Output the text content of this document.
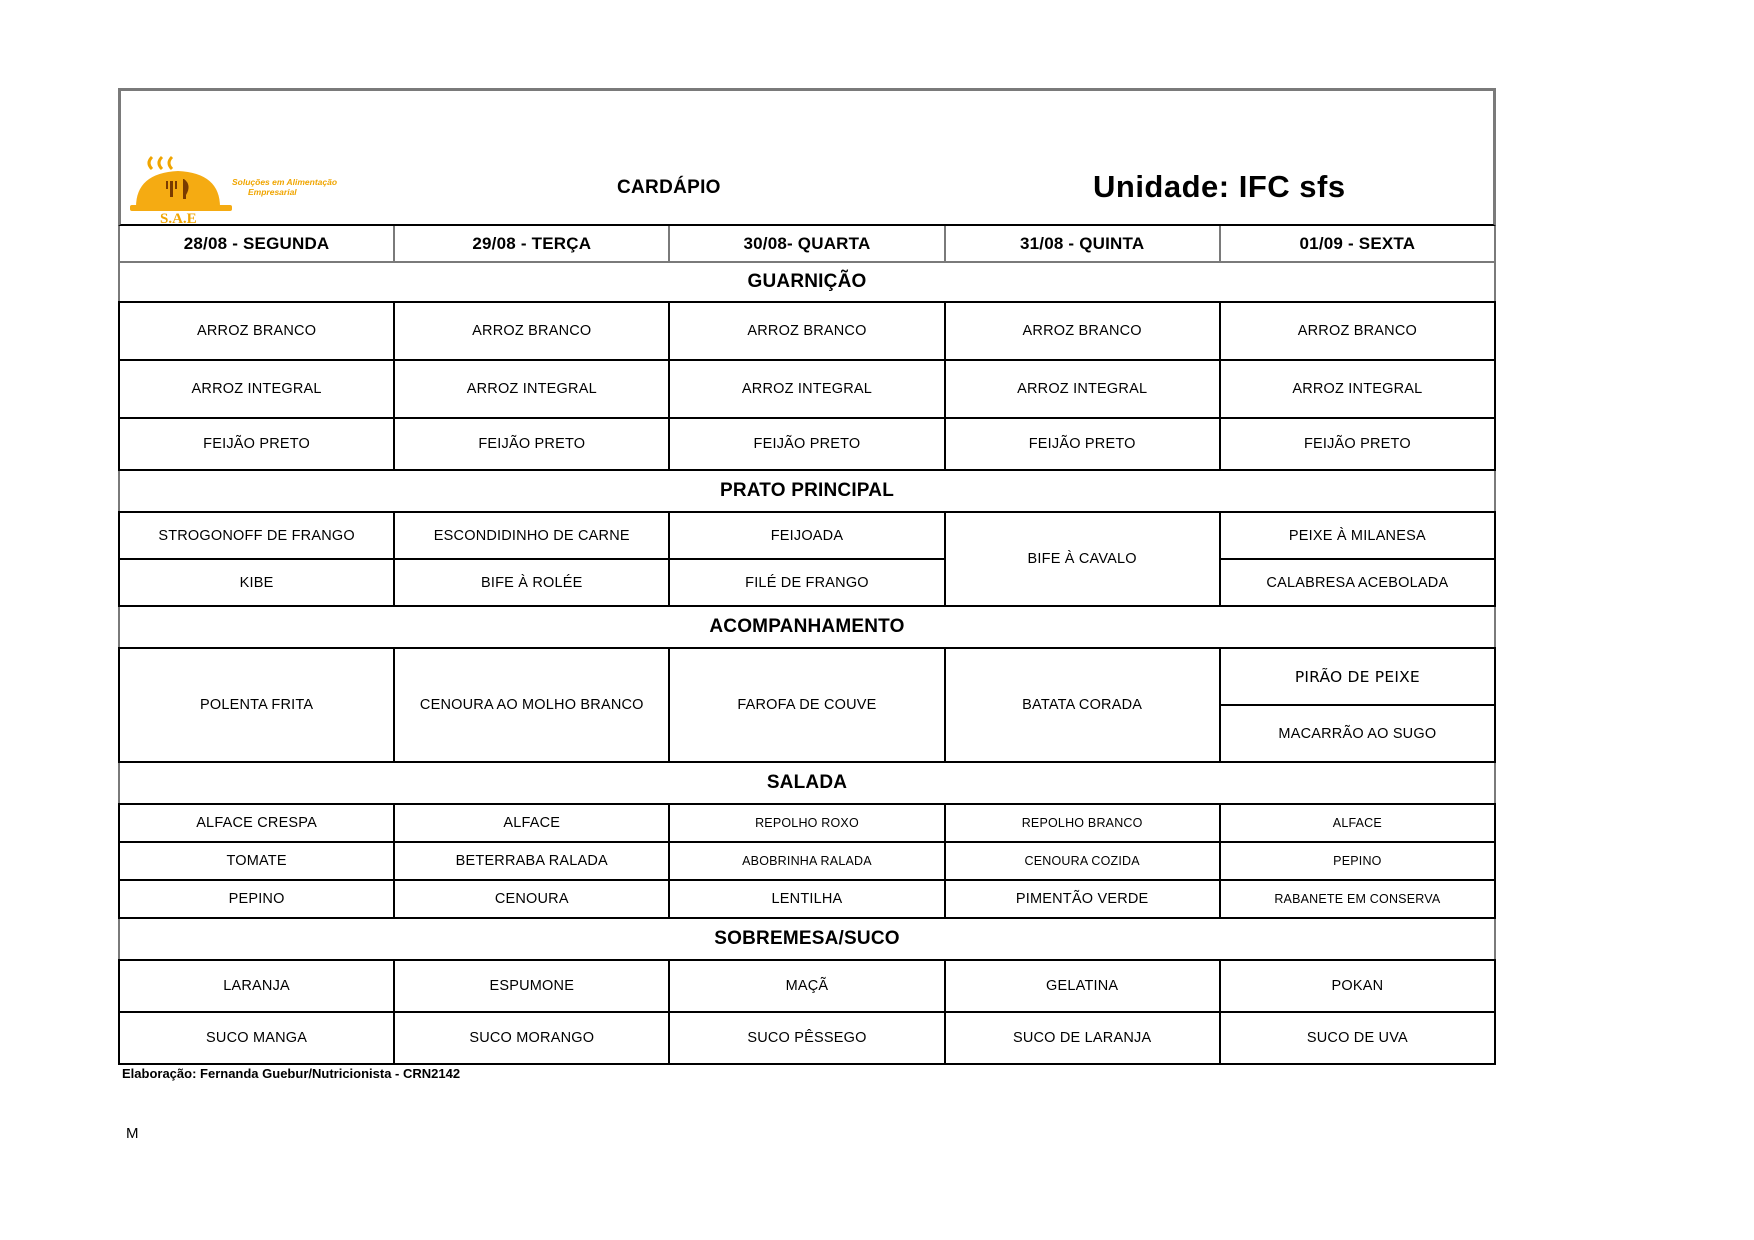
S.A.E
Soluções em Alimentação
Empresarial	CARDÁPIO	Unidade: IFC sfs
28/08 - SEGUNDA	29/08 - TERÇA	30/08- QUARTA	31/08 - QUINTA	01/09 - SEXTA
GUARNIÇÃO				
ARROZ BRANCO	ARROZ BRANCO	ARROZ BRANCO	ARROZ BRANCO	ARROZ BRANCO
ARROZ INTEGRAL	ARROZ INTEGRAL	ARROZ INTEGRAL	ARROZ INTEGRAL	ARROZ INTEGRAL
FEIJÃO PRETO	FEIJÃO PRETO	FEIJÃO PRETO	FEIJÃO PRETO	FEIJÃO PRETO
PRATO PRINCIPAL				
STROGONOFF DE FRANGO	ESCONDIDINHO DE CARNE	FEIJOADA	BIFE À CAVALO	PEIXE À MILANESA
KIBE	BIFE À ROLÉE	FILÉ DE FRANGO		CALABRESA ACEBOLADA
ACOMPANHAMENTO				
POLENTA FRITA	CENOURA AO MOLHO BRANCO	FAROFA DE COUVE	BATATA CORADA	PIRÃO DE PEIXE
				MACARRÃO AO SUGO
SALADA				
ALFACE CRESPA	ALFACE	REPOLHO ROXO	REPOLHO BRANCO	ALFACE
TOMATE	BETERRABA RALADA	ABOBRINHA RALADA	CENOURA COZIDA	PEPINO
PEPINO	CENOURA	LENTILHA	PIMENTÃO VERDE	RABANETE EM CONSERVA
SOBREMESA/SUCO				
LARANJA	ESPUMONE	MAÇÃ	GELATINA	POKAN
SUCO MANGA	SUCO MORANGO	SUCO PÊSSEGO	SUCO DE LARANJA	SUCO DE UVA
Elaboração: Fernanda Guebur/Nutricionista - CRN2142
M
